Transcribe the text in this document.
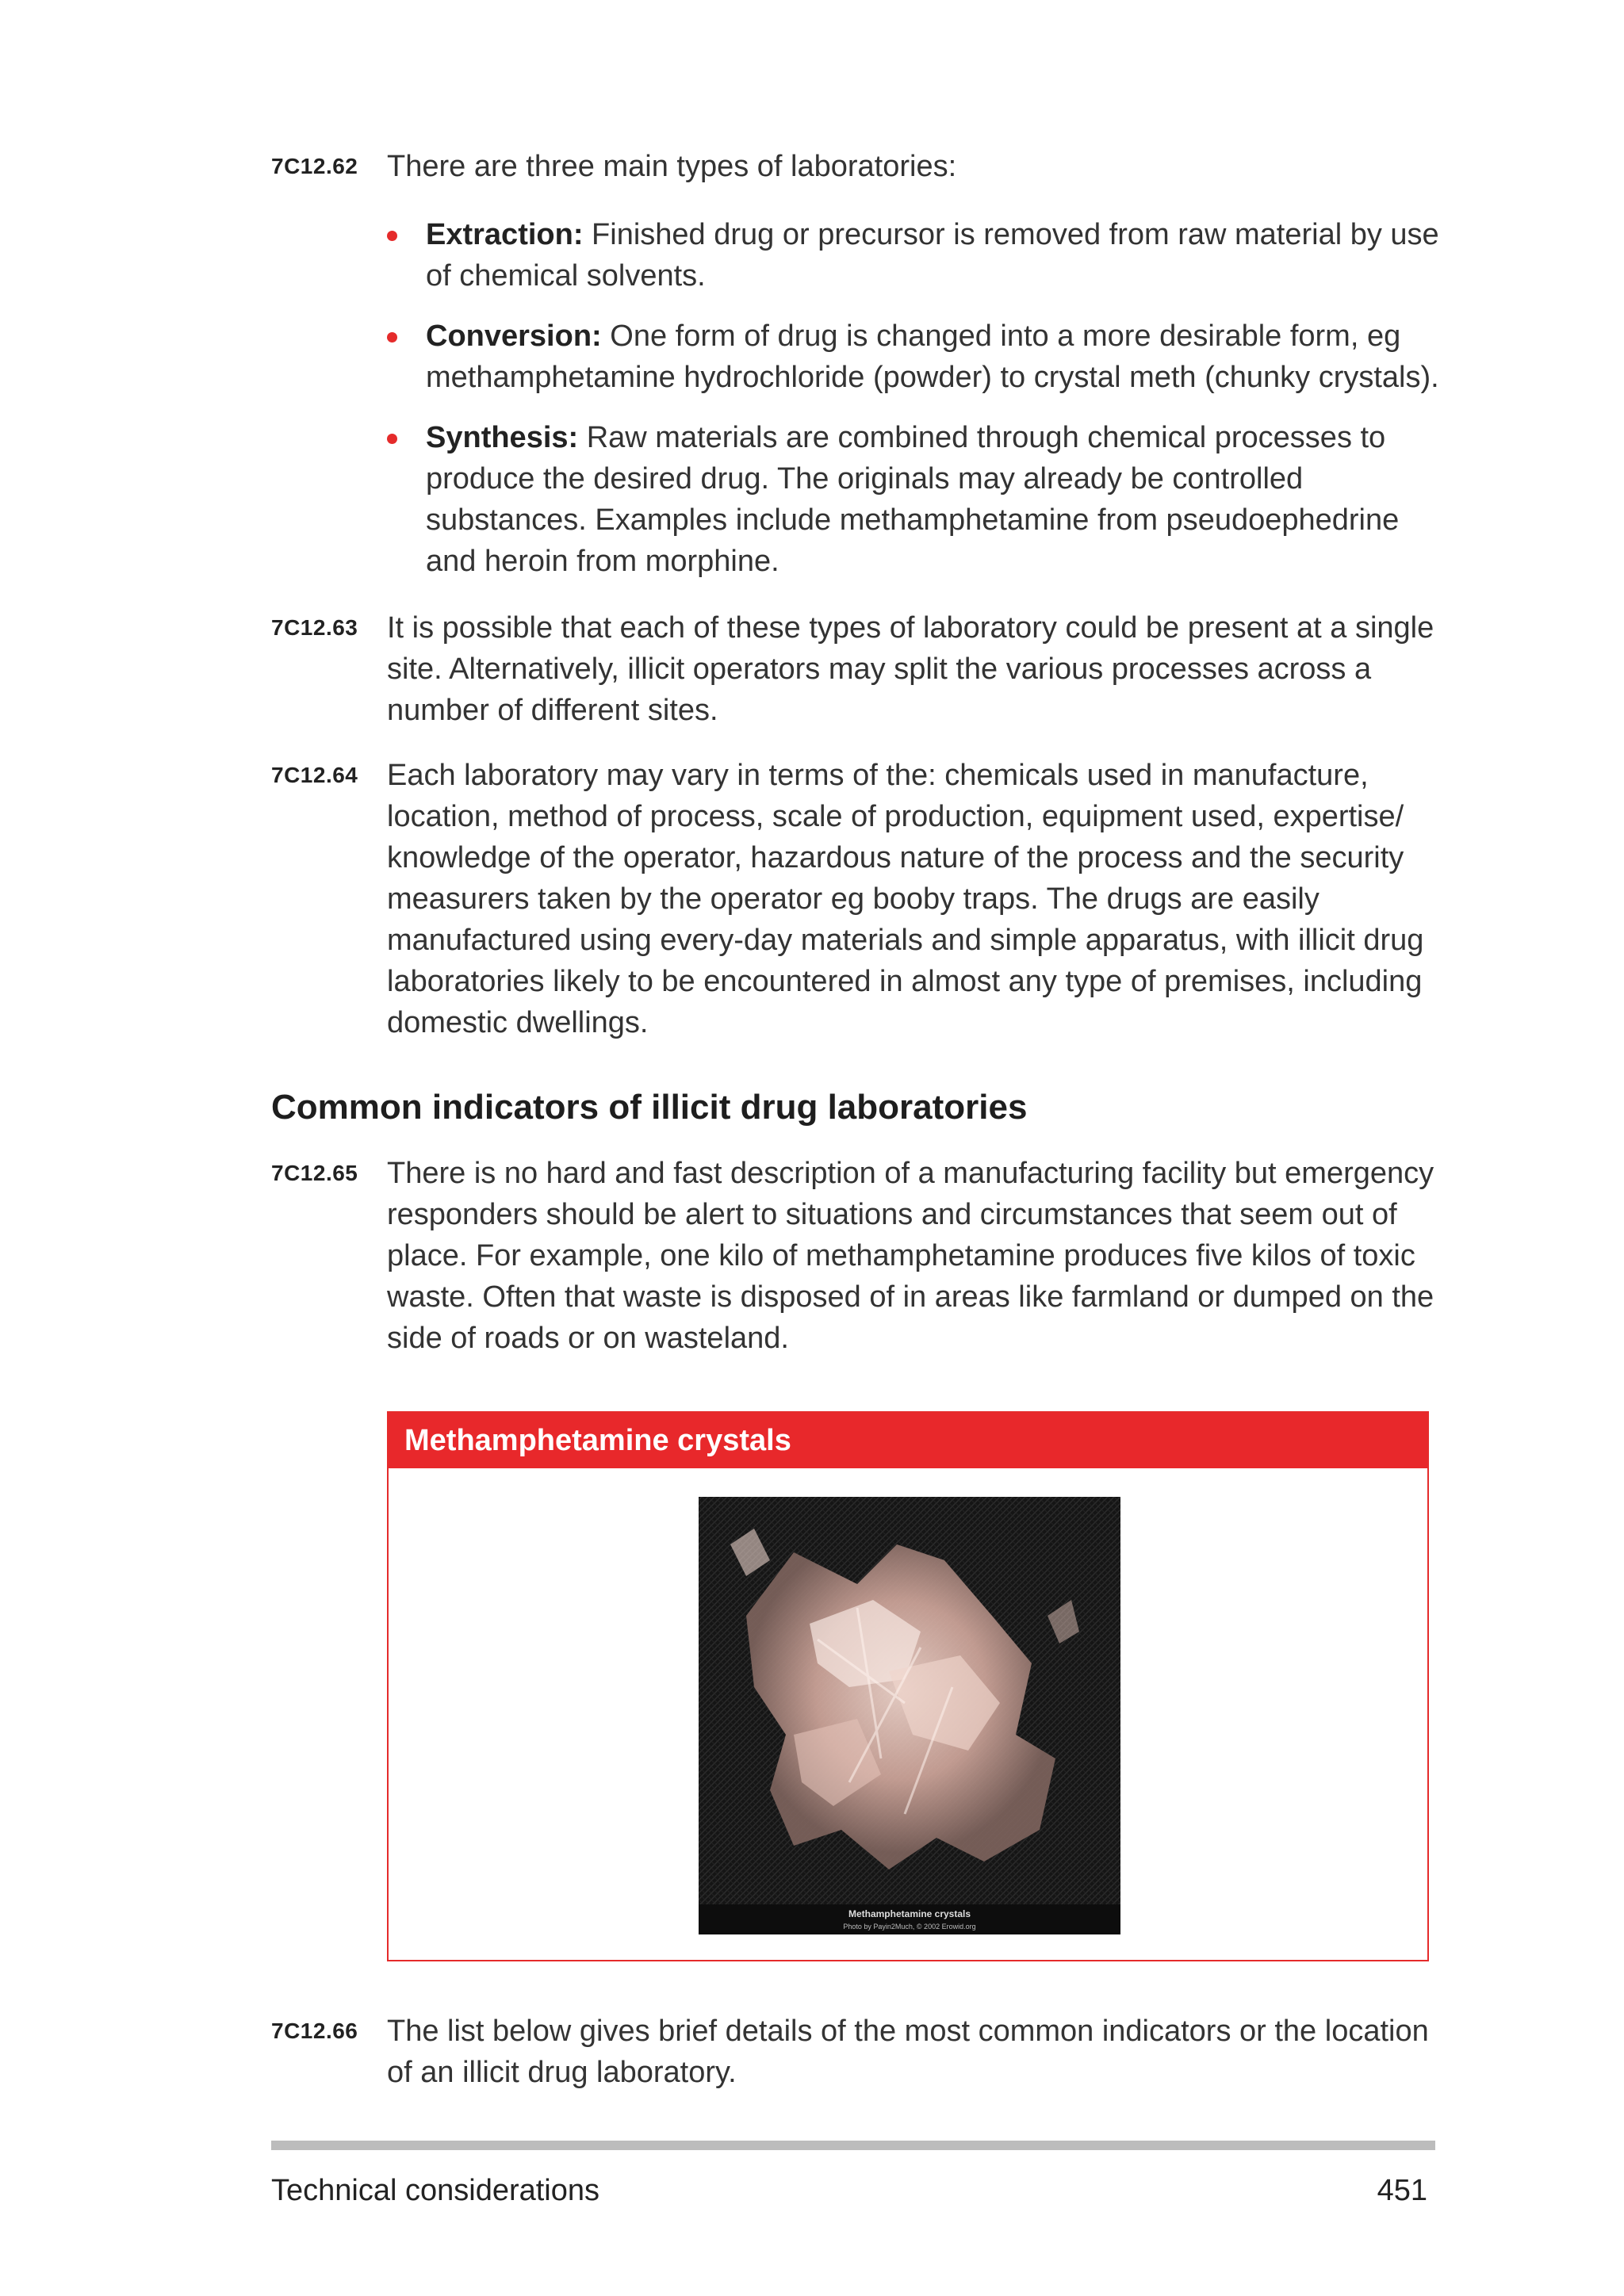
7C12.62 There are three main types of laboratories:

Extraction: Finished drug or precursor is removed from raw material by use of chemical solvents.
Conversion: One form of drug is changed into a more desirable form, eg methamphetamine hydrochloride (powder) to crystal meth (chunky crystals).
Synthesis: Raw materials are combined through chemical processes to produce the desired drug. The originals may already be controlled substances. Examples include methamphetamine from pseudoephedrine and heroin from morphine.
7C12.63 It is possible that each of these types of laboratory could be present at a single site. Alternatively, illicit operators may split the various processes across a number of different sites.

7C12.64 Each laboratory may vary in terms of the: chemicals used in manufacture, location, method of process, scale of production, equipment used, expertise/ knowledge of the operator, hazardous nature of the process and the security measurers taken by the operator eg booby traps. The drugs are easily manufactured using every-day materials and simple apparatus, with illicit drug laboratories likely to be encountered in almost any type of premises, including domestic dwellings.

Common indicators of illicit drug laboratories
7C12.65 There is no hard and fast description of a manufacturing facility but emergency responders should be alert to situations and circumstances that seem out of place. For example, one kilo of methamphetamine produces five kilos of toxic waste. Often that waste is disposed of in areas like farmland or dumped on the side of roads or on wasteland.

Methamphetamine crystals
Methamphetamine crystals
Photo by Payin2Much, © 2002 Erowid.org
7C12.66 The list below gives brief details of the most common indicators or the location of an illicit drug laboratory.

Technical considerations	451
